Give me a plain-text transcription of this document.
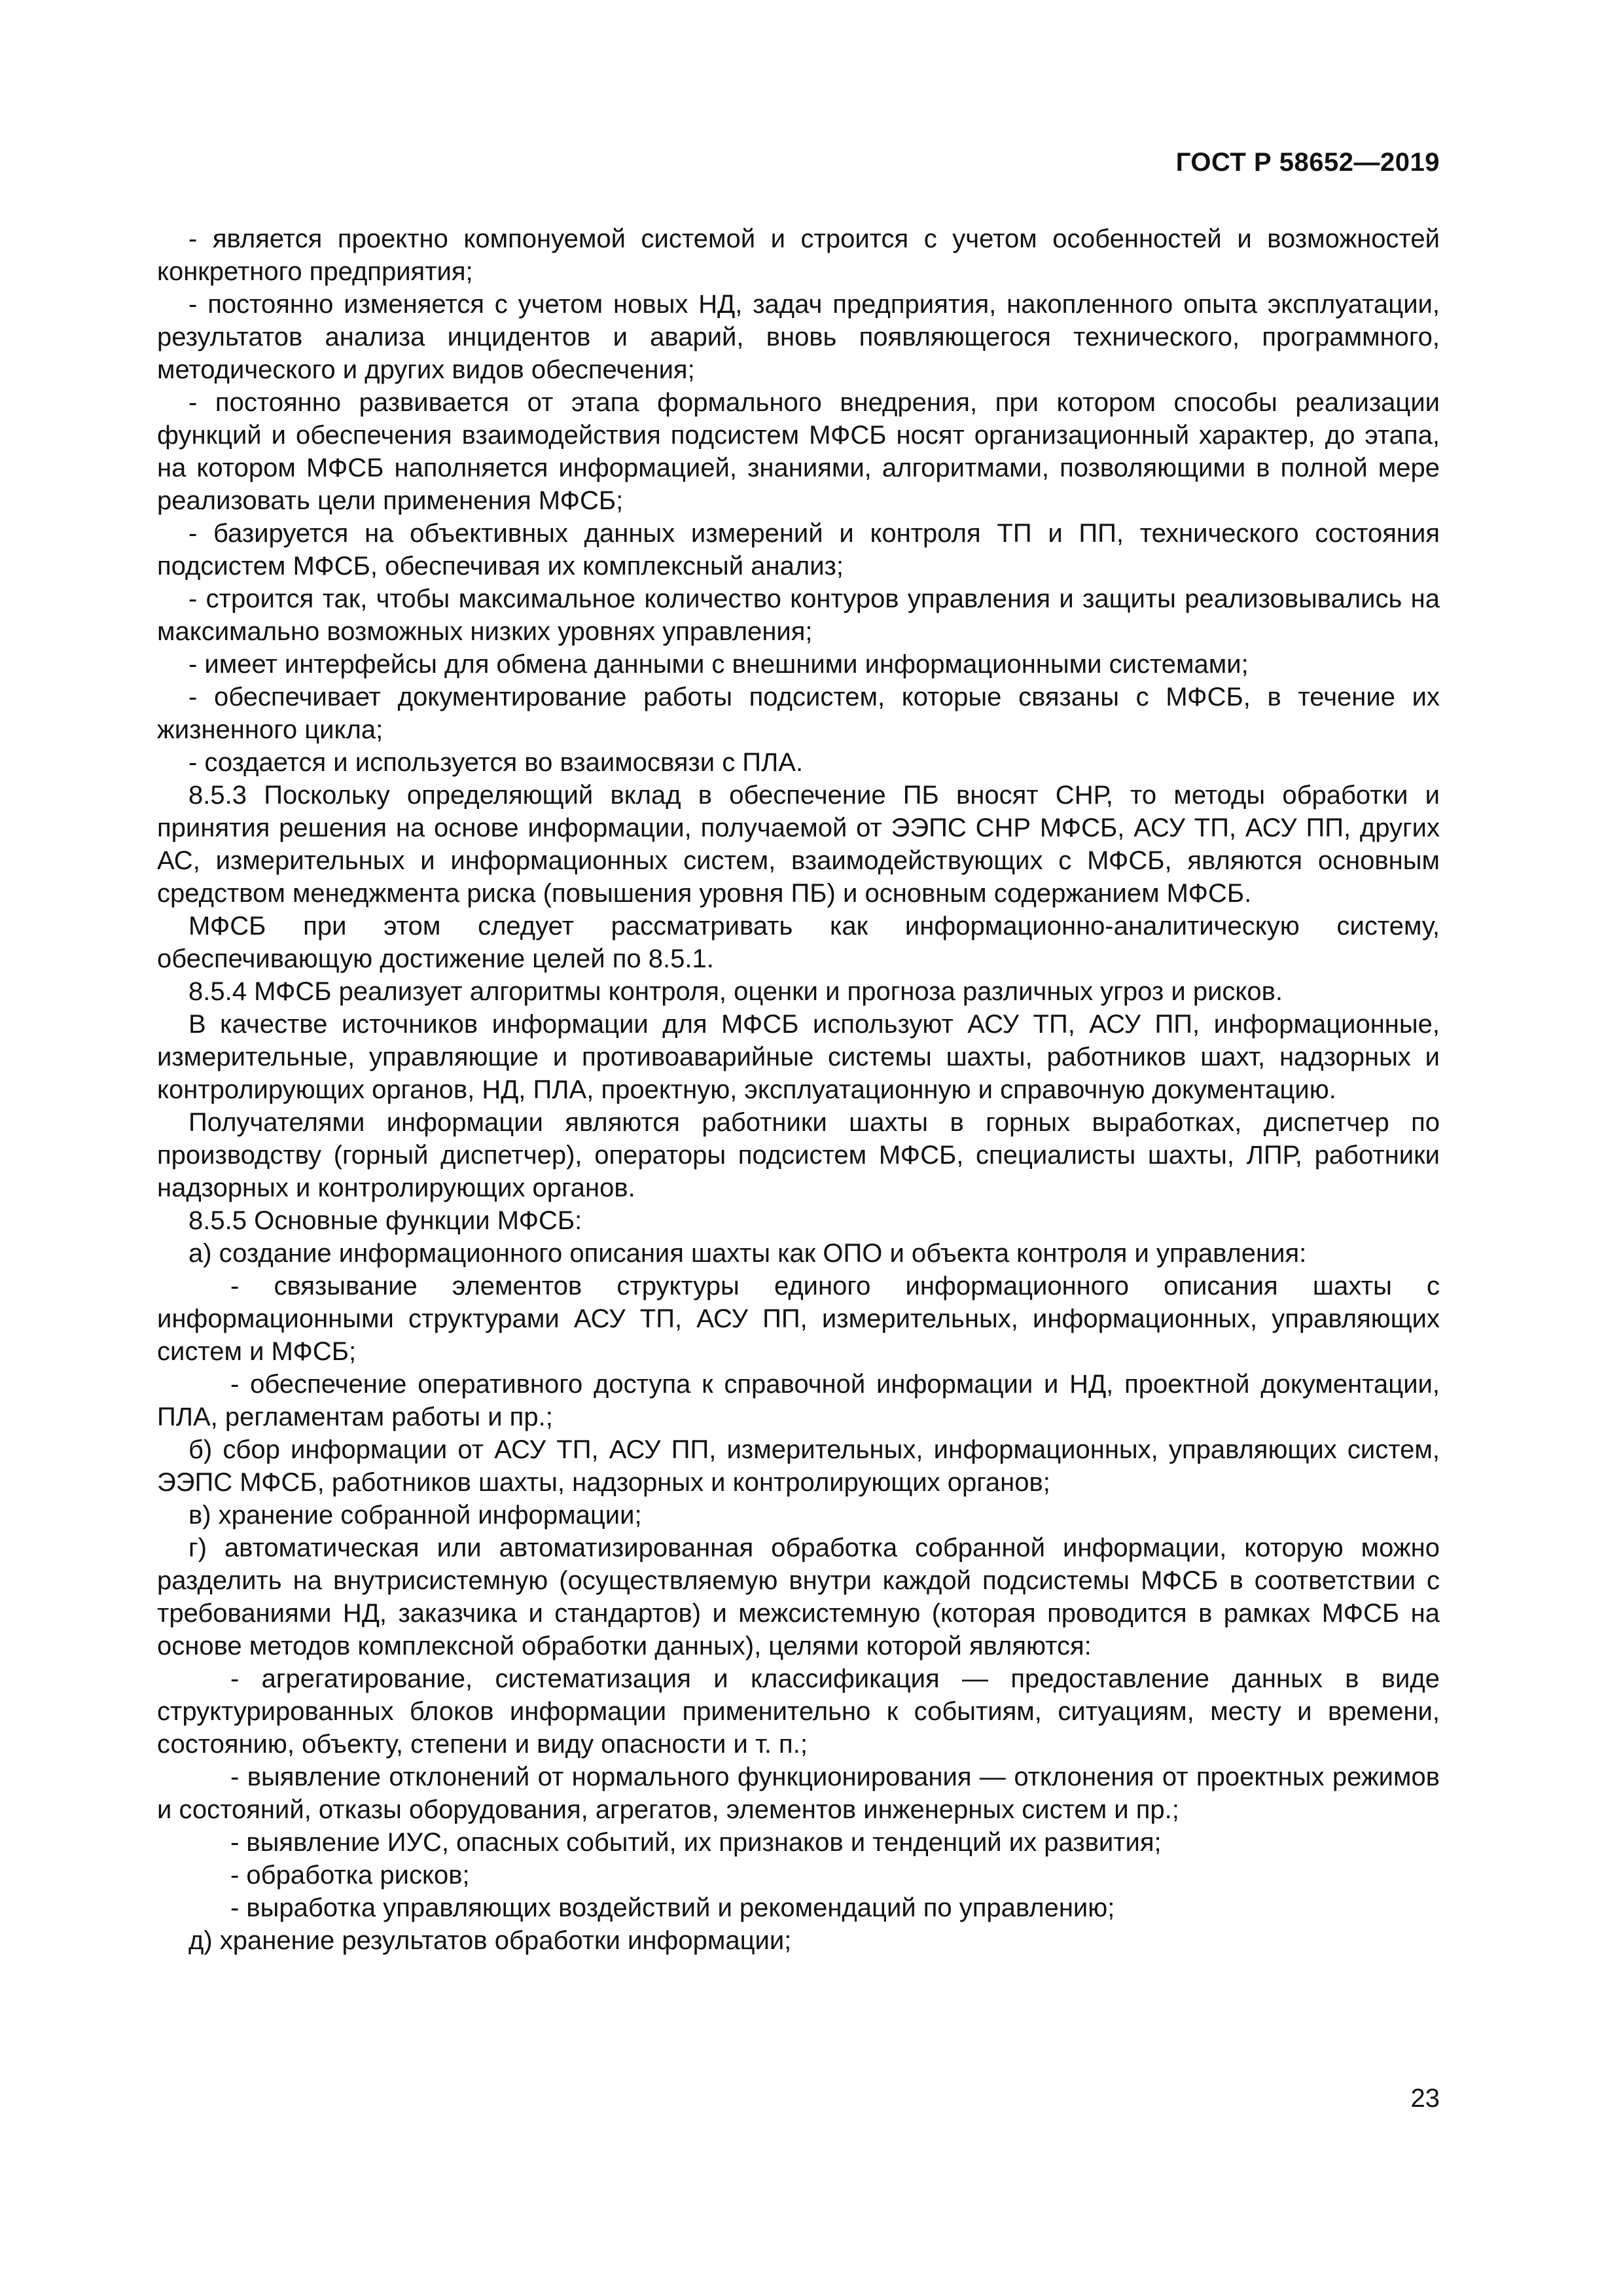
ГОСТ Р 58652—2019

- является проектно компонуемой системой и строится с учетом особенностей и возможностей конкретного предприятия;

- постоянно изменяется с учетом новых НД, задач предприятия, накопленного опыта эксплуатации, результатов анализа инцидентов и аварий, вновь появляющегося технического, программного, методического и других видов обеспечения;

- постоянно развивается от этапа формального внедрения, при котором способы реализации функций и обеспечения взаимодействия подсистем МФСБ носят организационный характер, до этапа, на котором МФСБ наполняется информацией, знаниями, алгоритмами, позволяющими в полной мере реализовать цели применения МФСБ;

- базируется на объективных данных измерений и контроля ТП и ПП, технического состояния подсистем МФСБ, обеспечивая их комплексный анализ;

- строится так, чтобы максимальное количество контуров управления и защиты реализовывались на максимально возможных низких уровнях управления;

- имеет интерфейсы для обмена данными с внешними информационными системами;

- обеспечивает документирование работы подсистем, которые связаны с МФСБ, в течение их жизненного цикла;

- создается и используется во взаимосвязи с ПЛА.

8.5.3 Поскольку определяющий вклад в обеспечение ПБ вносят СНР, то методы обработки и принятия решения на основе информации, получаемой от ЭЭПС СНР МФСБ, АСУ ТП, АСУ ПП, других АС, измерительных и информационных систем, взаимодействующих с МФСБ, являются основным средством менеджмента риска (повышения уровня ПБ) и основным содержанием МФСБ.

МФСБ при этом следует рассматривать как информационно-аналитическую систему, обеспечивающую достижение целей по 8.5.1.

8.5.4 МФСБ реализует алгоритмы контроля, оценки и прогноза различных угроз и рисков.

В качестве источников информации для МФСБ используют АСУ ТП, АСУ ПП, информационные, измерительные, управляющие и противоаварийные системы шахты, работников шахт, надзорных и контролирующих органов, НД, ПЛА, проектную, эксплуатационную и справочную документацию.

Получателями информации являются работники шахты в горных выработках, диспетчер по производству (горный диспетчер), операторы подсистем МФСБ, специалисты шахты, ЛПР, работники надзорных и контролирующих органов.

8.5.5 Основные функции МФСБ:

а) создание информационного описания шахты как ОПО и объекта контроля и управления:

- связывание элементов структуры единого информационного описания шахты с информационными структурами АСУ ТП, АСУ ПП, измерительных, информационных, управляющих систем и МФСБ;

- обеспечение оперативного доступа к справочной информации и НД, проектной документации, ПЛА, регламентам работы и пр.;

б) сбор информации от АСУ ТП, АСУ ПП, измерительных, информационных, управляющих систем, ЭЭПС МФСБ, работников шахты, надзорных и контролирующих органов;

в) хранение собранной информации;

г) автоматическая или автоматизированная обработка собранной информации, которую можно разделить на внутрисистемную (осуществляемую внутри каждой подсистемы МФСБ в соответствии с требованиями НД, заказчика и стандартов) и межсистемную (которая проводится в рамках МФСБ на основе методов комплексной обработки данных), целями которой являются:

- агрегатирование, систематизация и классификация — предоставление данных в виде структурированных блоков информации применительно к событиям, ситуациям, месту и времени, состоянию, объекту, степени и виду опасности и т. п.;

- выявление отклонений от нормального функционирования — отклонения от проектных режимов и состояний, отказы оборудования, агрегатов, элементов инженерных систем и пр.;

- выявление ИУС, опасных событий, их признаков и тенденций их развития;

- обработка рисков;

- выработка управляющих воздействий и рекомендаций по управлению;

д) хранение результатов обработки информации;

23
